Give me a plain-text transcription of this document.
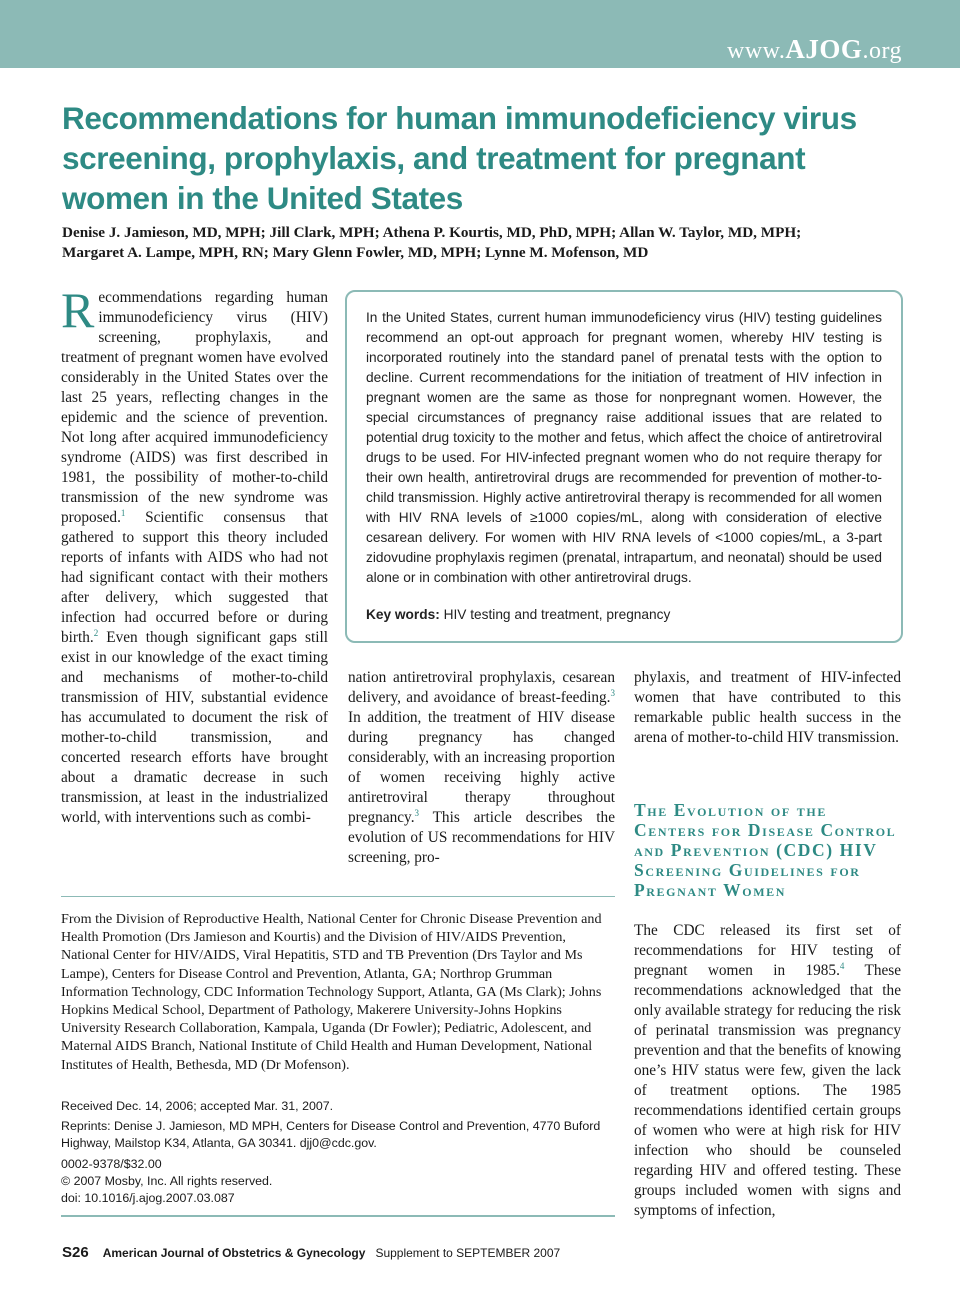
www.AJOG.org
Recommendations for human immunodeficiency virus screening, prophylaxis, and treatment for pregnant women in the United States
Denise J. Jamieson, MD, MPH; Jill Clark, MPH; Athena P. Kourtis, MD, PhD, MPH; Allan W. Taylor, MD, MPH;
Margaret A. Lampe, MPH, RN; Mary Glenn Fowler, MD, MPH; Lynne M. Mofenson, MD
Recommendations regarding human immunodeficiency virus (HIV) screening, prophylaxis, and treatment of pregnant women have evolved considerably in the United States over the last 25 years, reflecting changes in the epidemic and the science of prevention. Not long after acquired immunodeficiency syndrome (AIDS) was first described in 1981, the possibility of mother-to-child transmission of the new syndrome was proposed.$^1$ Scientific consensus that gathered to support this theory included reports of infants with AIDS who had not had significant contact with their mothers after delivery, which suggested that infection had occurred before or during birth.$^2$ Even though significant gaps still exist in our knowledge of the exact timing and mechanisms of mother-to-child transmission of HIV, substantial evidence has accumulated to document the risk of mother-to-child transmission, and concerted research efforts have brought about a dramatic decrease in such transmission, at least in the industrialized world, with interventions such as combi-
In the United States, current human immunodeficiency virus (HIV) testing guidelines recommend an opt-out approach for pregnant women, whereby HIV testing is incorporated routinely into the standard panel of prenatal tests with the option to decline. Current recommendations for the initiation of treatment of HIV infection in pregnant women are the same as those for nonpregnant women. However, the special circumstances of pregnancy raise additional issues that are related to potential drug toxicity to the mother and fetus, which affect the choice of antiretroviral drugs to be used. For HIV-infected pregnant women who do not require therapy for their own health, antiretroviral drugs are recommended for prevention of mother-to-child transmission. Highly active antiretroviral therapy is recommended for all women with HIV RNA levels of ≥1000 copies/mL, along with consideration of elective cesarean delivery. For women with HIV RNA levels of <1000 copies/mL, a 3-part zidovudine prophylaxis regimen (prenatal, intrapartum, and neonatal) should be used alone or in combination with other antiretroviral drugs.
Key words: HIV testing and treatment, pregnancy
nation antiretroviral prophylaxis, cesarean delivery, and avoidance of breast-feeding.$^3$ In addition, the treatment of HIV disease during pregnancy has changed considerably, with an increasing proportion of women receiving highly active antiretroviral therapy throughout pregnancy.$^3$ This article describes the evolution of US recommendations for HIV screening, pro-
phylaxis, and treatment of HIV-infected women that have contributed to this remarkable public health success in the arena of mother-to-child HIV transmission.
The Evolution of the Centers for Disease Control and Prevention (CDC) HIV Screening Guidelines for Pregnant Women
The CDC released its first set of recommendations for HIV testing of pregnant women in 1985.$^4$ These recommendations acknowledged that the only available strategy for reducing the risk of perinatal transmission was pregnancy prevention and that the benefits of knowing one’s HIV status were few, given the lack of treatment options. The 1985 recommendations identified certain groups of women who were at high risk for HIV infection who should be counseled regarding HIV and offered testing. These groups included women with signs and symptoms of infection,
From the Division of Reproductive Health, National Center for Chronic Disease Prevention and Health Promotion (Drs Jamieson and Kourtis) and the Division of HIV/AIDS Prevention, National Center for HIV/AIDS, Viral Hepatitis, STD and TB Prevention (Drs Taylor and Ms Lampe), Centers for Disease Control and Prevention, Atlanta, GA; Northrop Grumman Information Technology, CDC Information Technology Support, Atlanta, GA (Ms Clark); Johns Hopkins Medical School, Department of Pathology, Makerere University-Johns Hopkins University Research Collaboration, Kampala, Uganda (Dr Fowler); Pediatric, Adolescent, and Maternal AIDS Branch, National Institute of Child Health and Human Development, National Institutes of Health, Bethesda, MD (Dr Mofenson).
Received Dec. 14, 2006; accepted Mar. 31, 2007.
Reprints: Denise J. Jamieson, MD MPH, Centers for Disease Control and Prevention, 4770 Buford Highway, Mailstop K34, Atlanta, GA 30341. djj0@cdc.gov.
0002-9378/$32.00
© 2007 Mosby, Inc. All rights reserved.
doi: 10.1016/j.ajog.2007.03.087
S26 American Journal of Obstetrics & Gynecology Supplement to SEPTEMBER 2007
